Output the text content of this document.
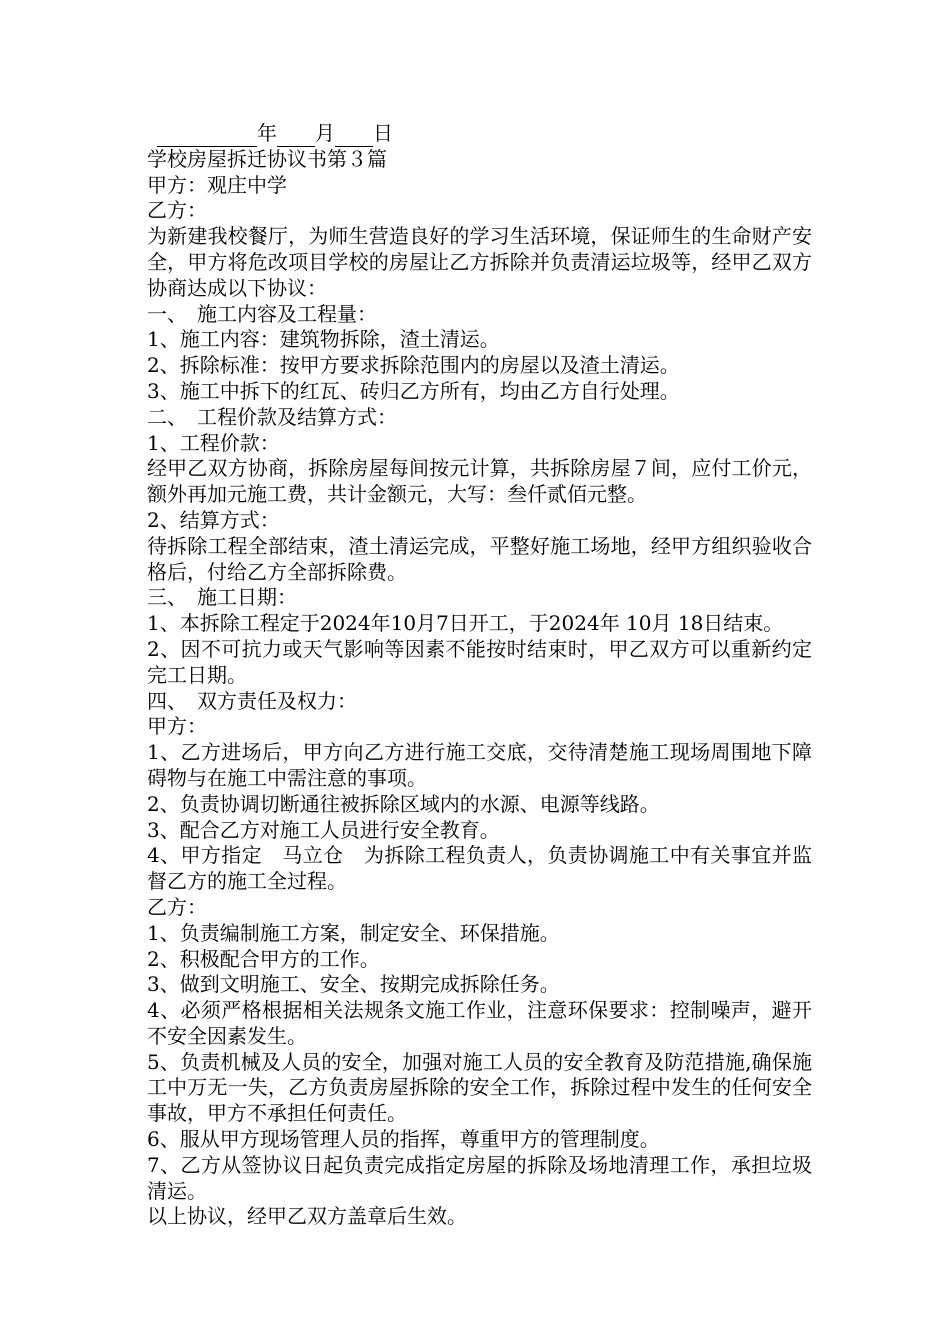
年 月 日
学校房屋拆迁协议书第３篇
甲方：观庄中学
乙方：
为新建我校餐厅，为师生营造良好的学习生活环境，保证师生的生命财产安全，甲方将危改项目学校的房屋让乙方拆除并负责清运垃圾等，经甲乙双方协商达成以下协议：
一、　施工内容及工程量：
1、施工内容：建筑物拆除，渣土清运。
2、拆除标准：按甲方要求拆除范围内的房屋以及渣土清运。
3、施工中拆下的红瓦、砖归乙方所有，均由乙方自行处理。
二、　工程价款及结算方式：
1、工程价款：
经甲乙双方协商，拆除房屋每间按元计算，共拆除房屋７间，应付工价元，额外再加元施工费，共计金额元，大写：叁仟贰佰元整。
2、结算方式：
待拆除工程全部结束，渣土清运完成，平整好施工场地，经甲方组织验收合格后，付给乙方全部拆除费。
三、　施工日期：
1、本拆除工程定于2024年10月7日开工，于2024年 10月 18日结束。
2、因不可抗力或天气影响等因素不能按时结束时，甲乙双方可以重新约定完工日期。
四、　双方责任及权力：
甲方：
1、乙方进场后，甲方向乙方进行施工交底，交待清楚施工现场周围地下障碍物与在施工中需注意的事项。
2、负责协调切断通往被拆除区域内的水源、电源等线路。
3、配合乙方对施工人员进行安全教育。
4、甲方指定　马立仓　为拆除工程负责人，负责协调施工中有关事宜并监督乙方的施工全过程。
乙方：
1、负责编制施工方案，制定安全、环保措施。
2、积极配合甲方的工作。
3、做到文明施工、安全、按期完成拆除任务。
4、必须严格根据相关法规条文施工作业，注意环保要求：控制噪声，避开不安全因素发生。
5、负责机械及人员的安全，加强对施工人员的安全教育及防范措施,确保施工中万无一失，乙方负责房屋拆除的安全工作，拆除过程中发生的任何安全事故，甲方不承担任何责任。
6、服从甲方现场管理人员的指挥，尊重甲方的管理制度。
7、乙方从签协议日起负责完成指定房屋的拆除及场地清理工作，承担垃圾清运。
以上协议，经甲乙双方盖章后生效。
